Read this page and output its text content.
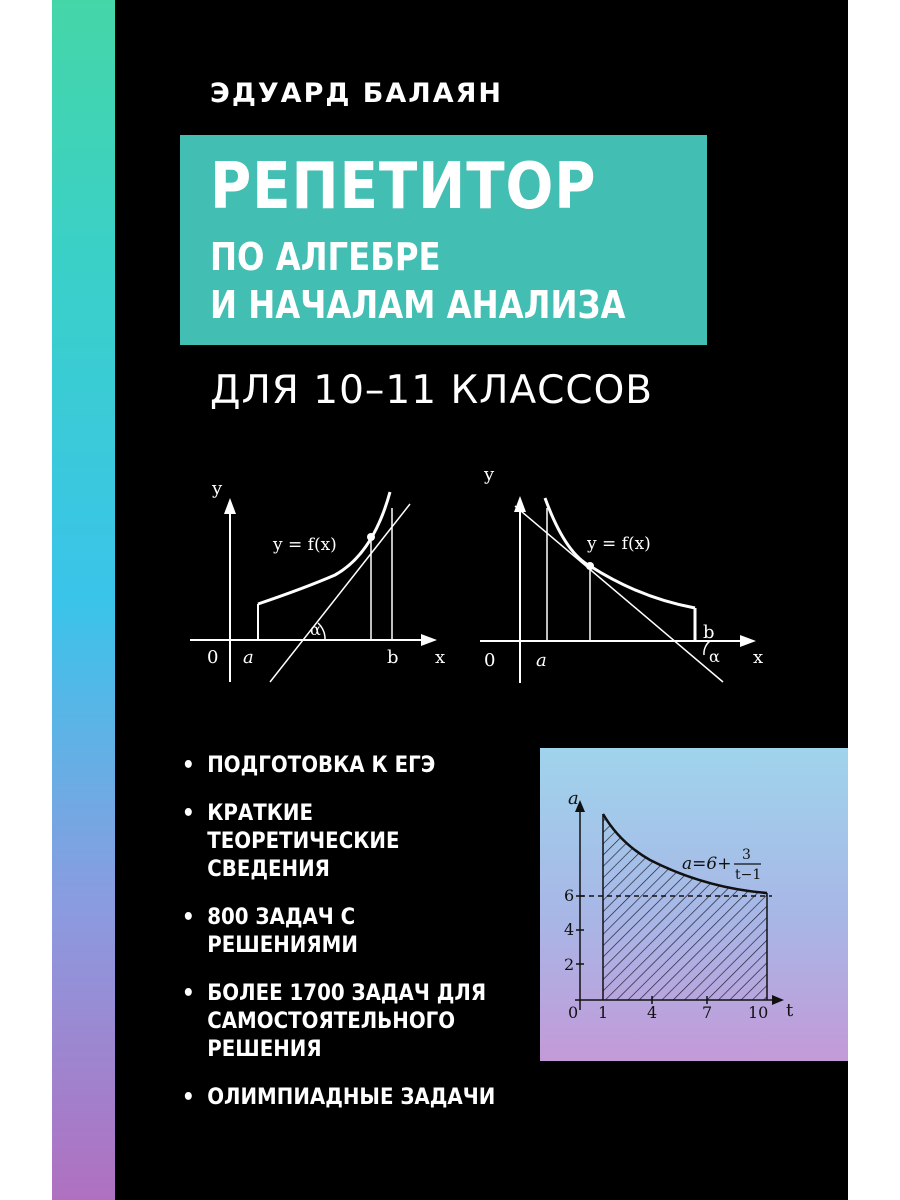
ЭДУАРД БАЛАЯН
РЕПЕТИТОР
ПО АЛГЕБРЕ
И НАЧАЛАМ АНАЛИЗА
ДЛЯ 10–11 КЛАССОВ
y
x
0 a	b
y = f(x)
α
y
x
0 a
b
y = f(x)
α
• ПОДГОТОВКА К ЕГЭ
• КРАТКИЕ ТЕОРЕТИЧЕСКИЕ
СВЕДЕНИЯ
• 800 ЗАДАЧ С РЕШЕНИЯМИ
• БОЛЕЕ 1700 ЗАДАЧ ДЛЯ
САМОСТОЯТЕЛЬНОГО
РЕШЕНИЯ
• ОЛИМПИАДНЫЕ ЗАДАЧИ
a
t
a=6+ 3
t−1
2
4
6
0 1 4	7 10
